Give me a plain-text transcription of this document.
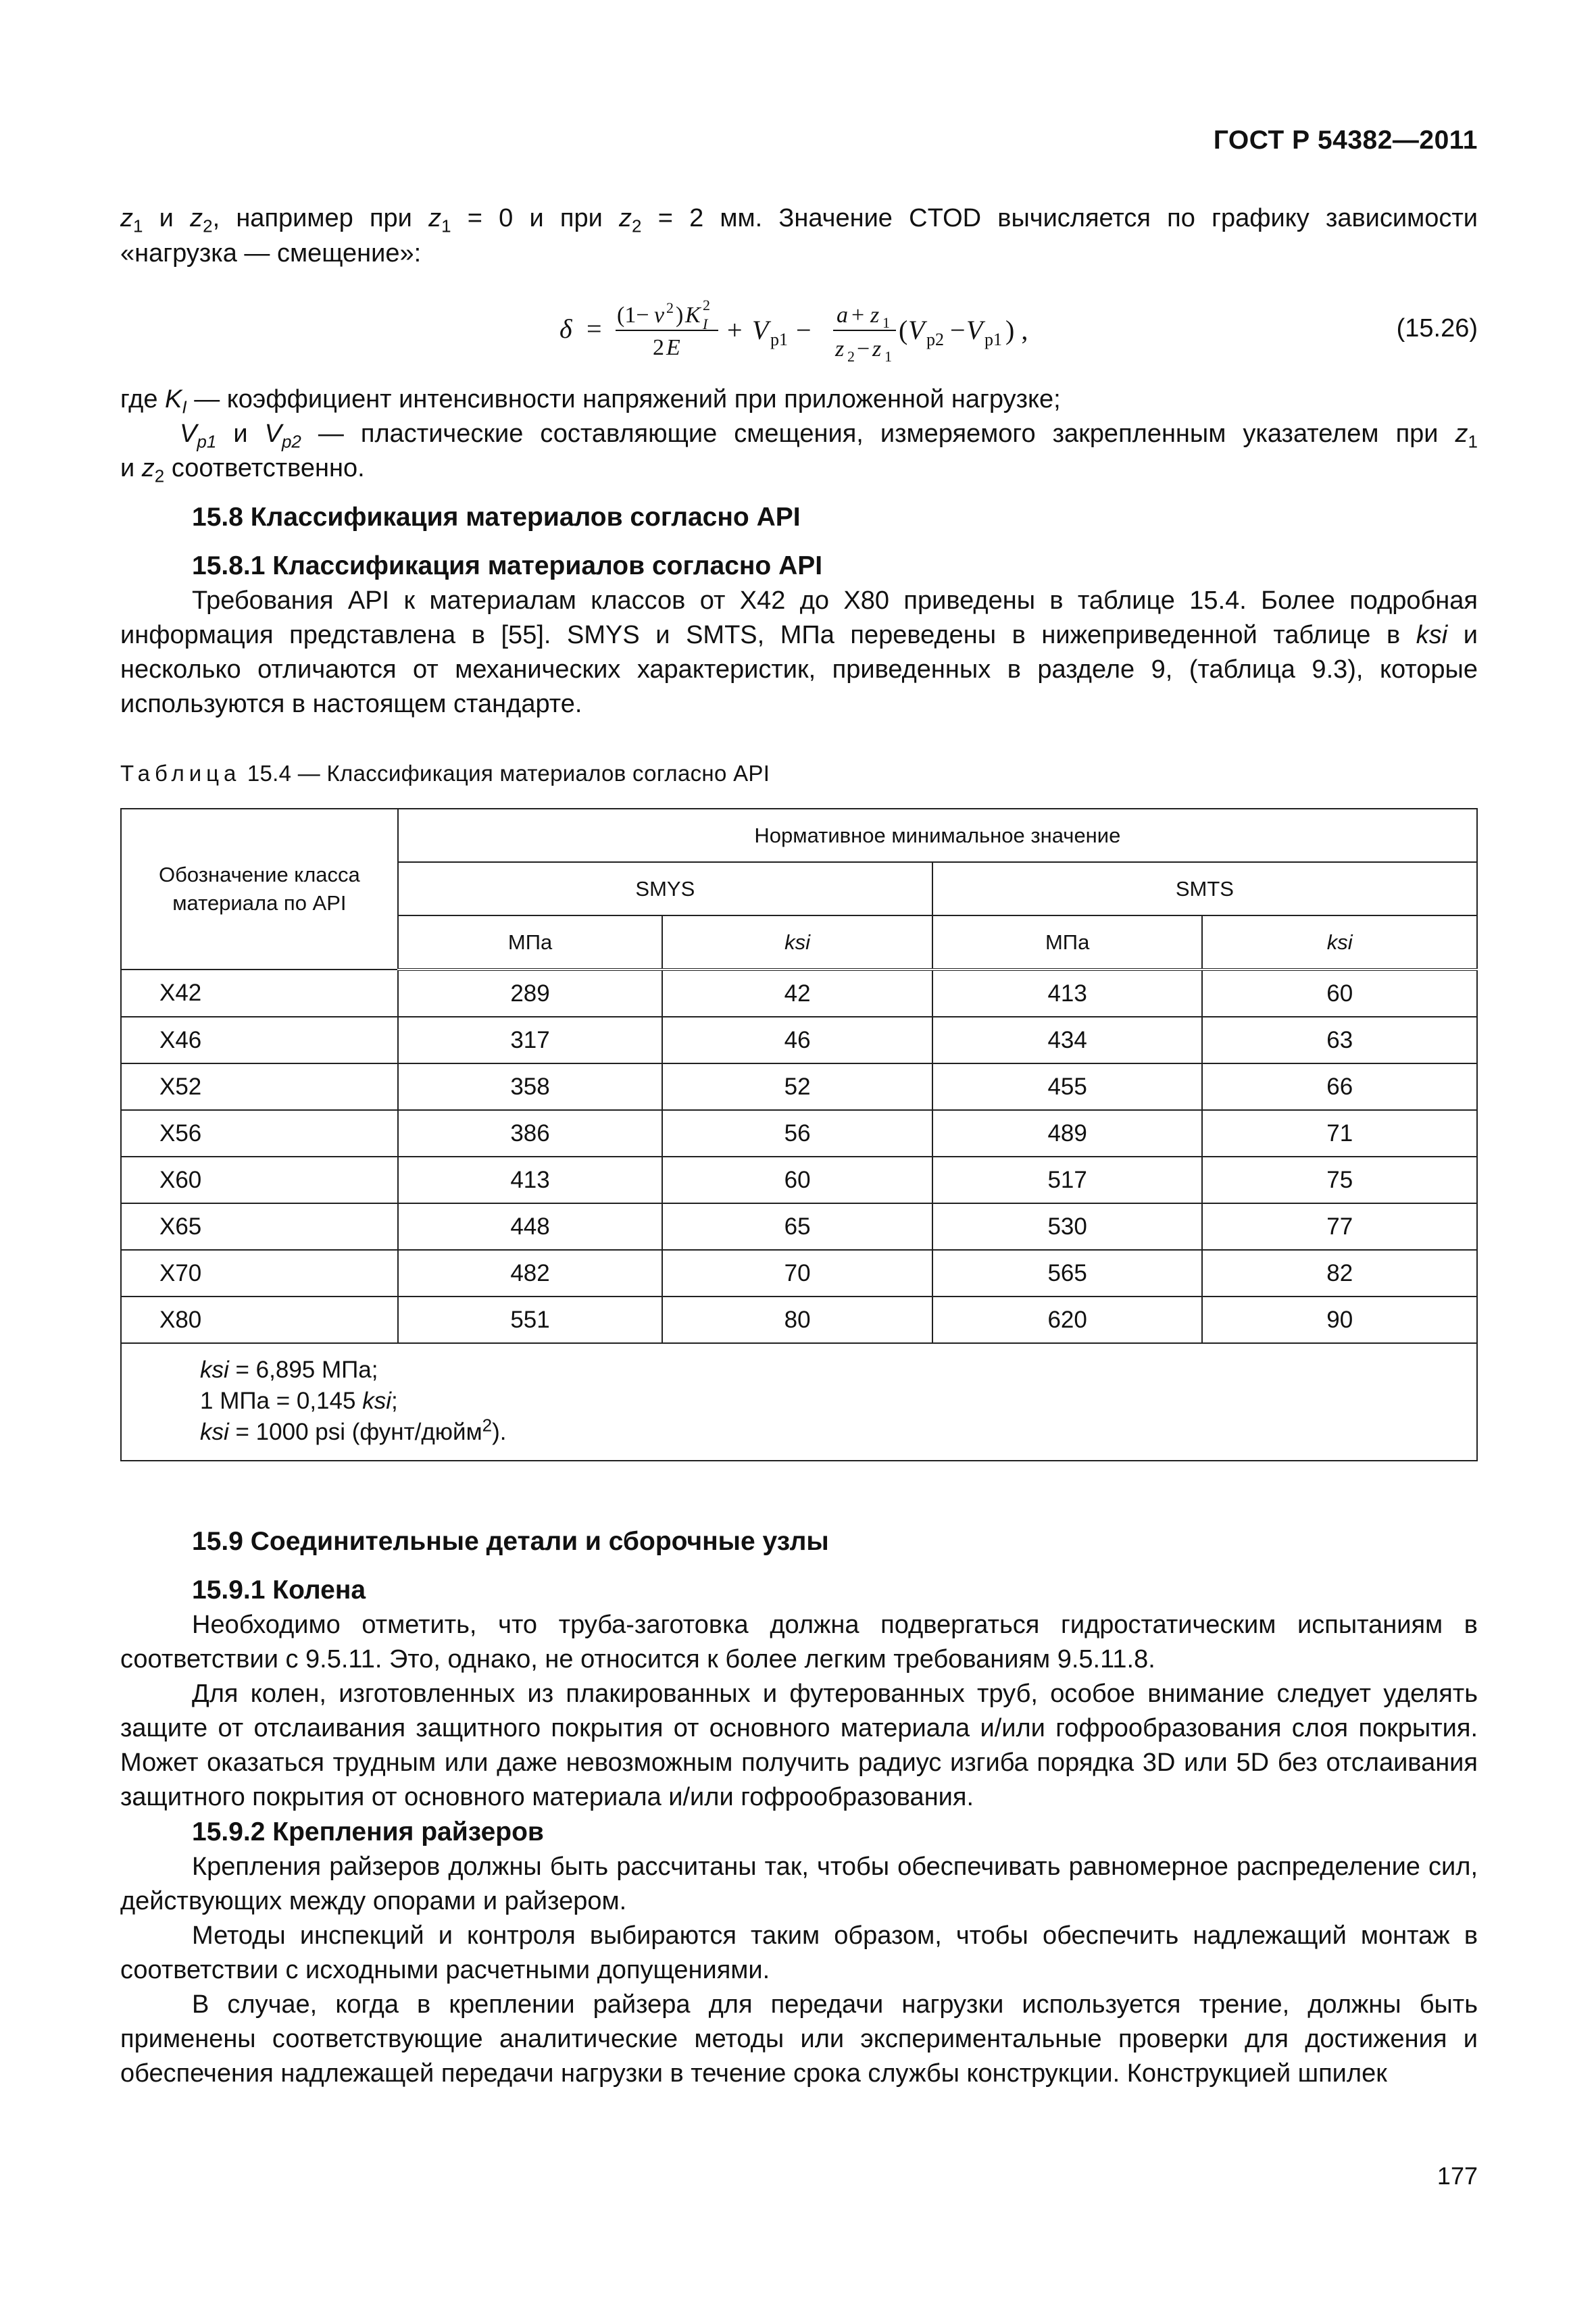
ГОСТ Р 54382—2011

$z_1$ и $z_2$, например при $z_1 = 0$ и при $z_2 = 2$ мм. Значение CTOD вычисляется по графику зависимости

«нагрузка — смещение»:

δ = (1− v 2 ) K 2
I
2 E
+ V p1 − a + z 1
z 2 − z 1
( V p2 − V p1 ) ,	(15.26)

где $K_I$ — коэффициент интенсивности напряжений при приложенной нагрузке;

$V_{p1}$ и $V_{p2}$ — пластические составляющие смещения, измеряемого закрепленным указателем при $z_1$

и $z_2$ соответственно.

15.8 Классификация материалов согласно API
15.8.1 Классификация материалов согласно API

Требования API к материалам классов от X42 до X80 приведены в таблице 15.4. Более подробная информация представлена в [55]. SMYS и SMTS, МПа переведены в нижеприведенной таблице в ksi и несколько отличаются от механических характеристик, приведенных в разделе 9, (таблица 9.3), которые используются в настоящем стандарте.

Таблица 15.4 — Классификация материалов согласно API
Обозначение класса материала по API	Нормативное минимальное значение			
	SMYS		SMTS	
	МПа	ksi	МПа	ksi
X42	289	42	413	60
X46	317	46	434	63
X52	358	52	455	66
X56	386	56	489	71
X60	413	60	517	75
X65	448	65	530	77
X70	482	70	565	82
X80	551	80	620	90

ksi = 6,895 МПа;
1 МПа = 0,145 ksi;
ksi = 1000 psi (фунт/дюйм$^2$).				
15.9 Соединительные детали и сборочные узлы
15.9.1 Колена

Необходимо отметить, что труба-заготовка должна подвергаться гидростатическим испытаниям в соответствии с 9.5.11. Это, однако, не относится к более легким требованиям 9.5.11.8.

Для колен, изготовленных из плакированных и футерованных труб, особое внимание следует уделять защите от отслаивания защитного покрытия от основного материала и/или гофрообразования слоя покрытия. Может оказаться трудным или даже невозможным получить радиус изгиба порядка 3D или 5D без отслаивания защитного покрытия от основного материала и/или гофрообразования.

15.9.2 Крепления райзеров

Крепления райзеров должны быть рассчитаны так, чтобы обеспечивать равномерное распределение сил, действующих между опорами и райзером.

Методы инспекций и контроля выбираются таким образом, чтобы обеспечить надлежащий монтаж в соответствии с исходными расчетными допущениями.

В случае, когда в креплении райзера для передачи нагрузки используется трение, должны быть применены соответствующие аналитические методы или экспериментальные проверки для достижения и обеспечения надлежащей передачи нагрузки в течение срока службы конструкции. Конструкцией шпилек

177
